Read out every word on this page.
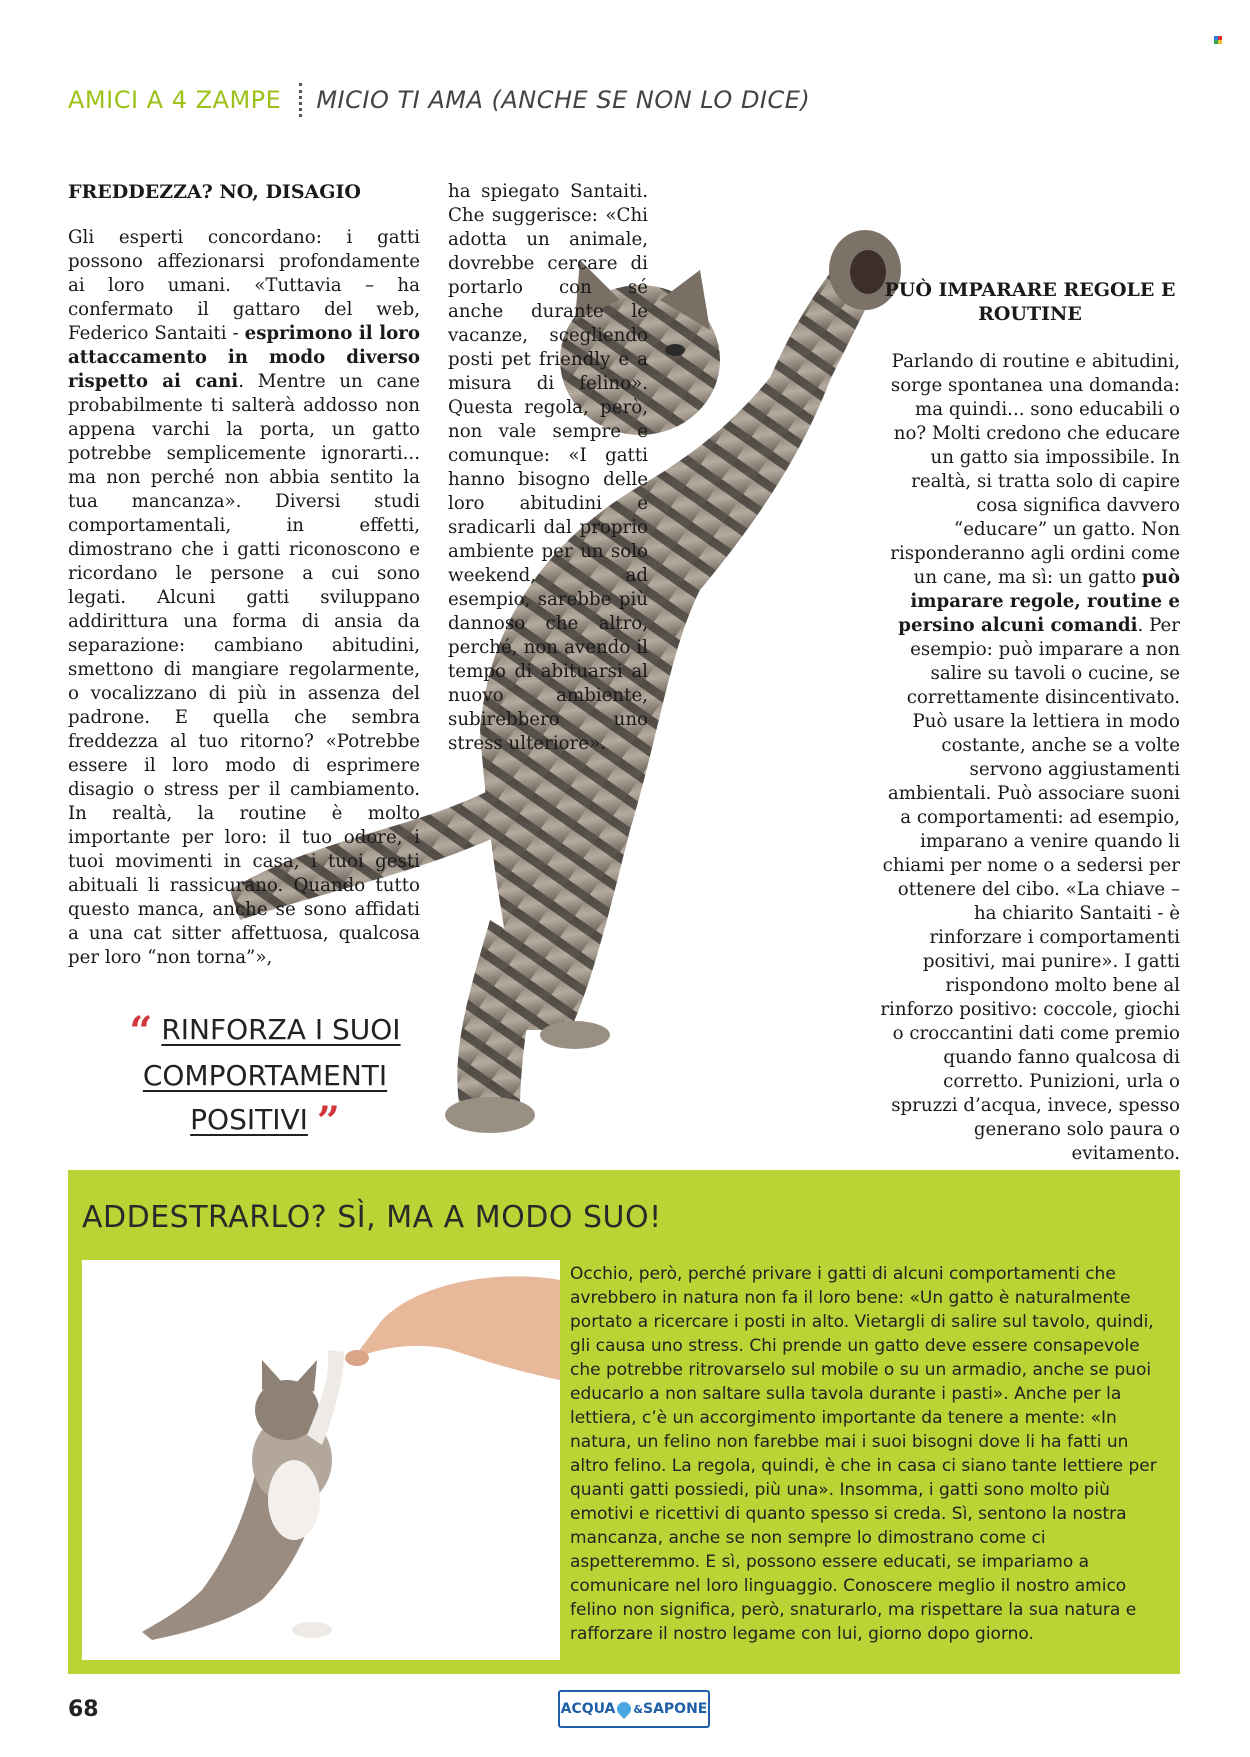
AMICI A 4 ZAMPE MICIO TI AMA (ANCHE SE NON LO DICE)
FREDDEZZA? NO, DISAGIO

Gli esperti concordano: i gatti possono affezionarsi profondamente ai loro umani. «Tuttavia – ha confermato il gattaro del web, Federico Santaiti - esprimono il loro attaccamento in modo diverso rispetto ai cani. Mentre un cane probabilmente ti salterà addosso non appena varchi la porta, un gatto potrebbe semplicemente ignorarti... ma non perché non abbia sentito la tua mancanza». Diversi studi comportamentali, in effetti, dimostrano che i gatti riconoscono e ricordano le persone a cui sono legati. Alcuni gatti sviluppano addirittura una forma di ansia da separazione: cambiano abitudini, smettono di mangiare regolarmente, o vocalizzano di più in assenza del padrone. E quella che sembra freddezza al tuo ritorno? «Potrebbe essere il loro modo di esprimere disagio o stress per il cambiamento. In realtà, la routine è molto importante per loro: il tuo odore, i tuoi movimenti in casa, i tuoi gesti abituali li rassicurano. Quando tutto questo manca, anche se sono affidati a una cat sitter affettuosa, qualcosa per loro “non torna”»,

ha spiegato Santaiti. Che suggerisce: «Chi adotta un animale, dovrebbe cercare di portarlo con sé anche durante le vacanze, scegliendo posti pet friendly e a misura di felino». Questa regola, però, non vale sempre e comunque: «I gatti hanno bisogno delle loro abitudini e sradicarli dal proprio ambiente per un solo weekend, ad esempio, sarebbe più dannoso che altro, perché, non avendo il tempo di abituarsi al nuovo ambiente, subirebbero uno stress ulteriore».

PUÒ IMPARARE REGOLE E ROUTINE

Parlando di routine e abitudini, sorge spontanea una domanda: ma quindi... sono educabili o no? Molti credono che educare un gatto sia impossibile. In realtà, si tratta solo di capire cosa significa davvero “educare” un gatto. Non risponderanno agli ordini come un cane, ma sì: un gatto può imparare regole, routine e persino alcuni comandi. Per esempio: può imparare a non salire su tavoli o cucine, se correttamente disincentivato. Può usare la lettiera in modo costante, anche se a volte servono aggiustamenti ambientali. Può associare suoni a comportamenti: ad esempio, imparano a venire quando li chiami per nome o a sedersi per ottenere del cibo. «La chiave – ha chiarito Santaiti - è rinforzare i comportamenti positivi, mai punire». I gatti rispondono molto bene al rinforzo positivo: coccole, giochi o croccantini dati come premio quando fanno qualcosa di corretto. Punizioni, urla o spruzzi d’acqua, invece, spesso generano solo paura o evitamento.

“ RINFORZA I SUOI
COMPORTAMENTI
POSITIVI ”
ADDESTRARLO? SÌ, MA A MODO SUO!

Occhio, però, perché privare i gatti di alcuni comportamenti che avrebbero in natura non fa il loro bene: «Un gatto è naturalmente portato a ricercare i posti in alto. Vietargli di salire sul tavolo, quindi, gli causa uno stress. Chi prende un gatto deve essere consapevole che potrebbe ritrovarselo sul mobile o su un armadio, anche se puoi educarlo a non saltare sulla tavola durante i pasti». Anche per la lettiera, c’è un accorgimento importante da tenere a mente: «In natura, un felino non farebbe mai i suoi bisogni dove li ha fatti un altro felino. La regola, quindi, è che in casa ci siano tante lettiere per quanti gatti possiedi, più una». Insomma, i gatti sono molto più emotivi e ricettivi di quanto spesso si creda. Sì, sentono la nostra mancanza, anche se non sempre lo dimostrano come ci aspetteremmo. E sì, possono essere educati, se impariamo a comunicare nel loro linguaggio. Conoscere meglio il nostro amico felino non significa, però, snaturarlo, ma rispettare la sua natura e rafforzare il nostro legame con lui, giorno dopo giorno.

68	ACQUA & SAPONE
